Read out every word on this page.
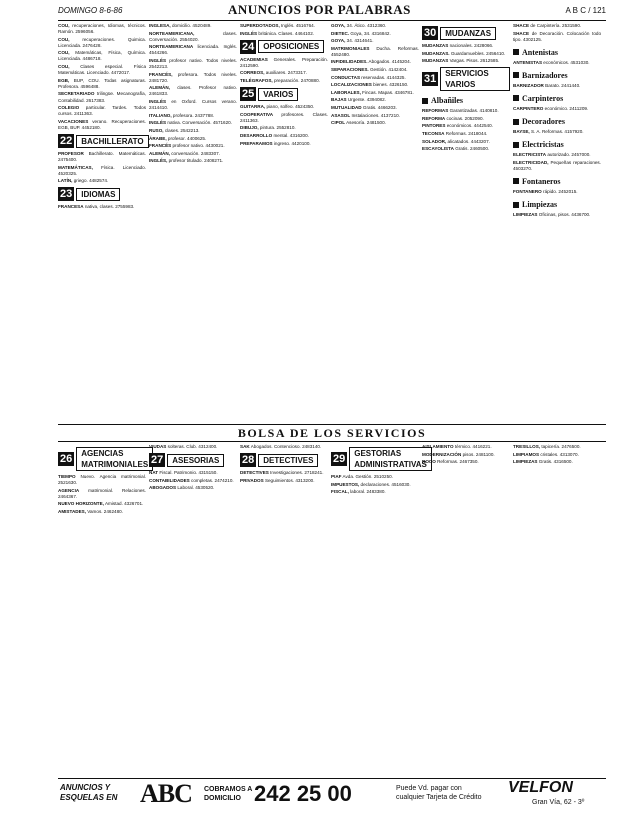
DOMINGO 8-6-86	ANUNCIOS POR PALABRAS	A B C / 121

COU, recuperaciones, Idiomas, técnicos. Ramón. 2596056.

COU,	recuperaciones. Quimica. Licenciada. 2476428.

COU, Matemáticas, Física, Química. Licenciada. 4486718.

COU, Clases especial. Física Matemáticas. Licenciado. 4472017.

EGB, BUP, COU. Todas asignaturas. Profesora. 4596488.

SECRETARIADO trilingüe. Mecanografía, Contabilidad. 2617383.

COLEGIO particular. Tardes. Todos cursos. 2411363.

VACACIONES verano. Recuperaciones. EGB, BUP. 4452180.

22	BACHILLERATO

PROFESOR Bachillerato. Matemáticas. 2475400.

MATEMÁTICAS, Física. Licenciado. 4520325.

LATÍN, griego. 4482574.

23	IDIOMAS

FRANCESA nativa, clases. 2755983.

INGLESA, domicilio. 4520489.

NORTEAMERICANA,	clases. Conversación. 2554020.

NORTEAMERICANA licenciada. Inglés. 4544266.

INGLÉS profesor nativo. Todos niveles. 2542213.

FRANCÉS, profesora. Todos niveles. 2481720.

ALEMÁN, clases. Profesor nativo. 2461833.

INGLÉS en Oxford. Cursos verano. 2414410.

ITALIANO, profesora. 2437788.

INGLÉS nativa. Conversación. 4571620.

RUSO, clases. 2542213.

ÁRABE, profesor. 4400625.

FRANCÉS profesor nativo. 4430021.

ALEMÁN, conversación. 2483307.

INGLÉS, profesor titulado. 2408271.

SUPERDOTADOS, Inglés. 4516764.

INGLÉS británica. Clases. 4464102.

24	OPOSICIONES

ACADEMIAS Generales. Preparación. 2412590.

CORREOS, auxiliares. 2473317.

TELÉGRAFOS, preparación. 2470880.

25	VARIOS

GUITARRA, piano, solfeo. 4524350.

COOPERATIVA profesores. Clases. 2411363.

DIBUJO, pintura. 2552810.

DESARROLLO mental. 4316200.

PREPARAMOS ingreso. 4420100.

GOYA, 34. Ático. 4312360.

DIETEC. Goya, 34. 4316842.

GOYA, 34. 4314641.

MATRIMONIALES Ducha. Reformas. 4552480.

INFIDELIDADES. Abogados. 4145204.

SEPARACIONES. Gestión. 4142404.

CONDUCTAS reservadas. 4144325.

LOCALIZACIONES bienes. 4326150.

LABORALES, Fincas. Mapas. 4346781.

BAJAS Urgente. 4394082.

MUTUALIDAD Gratis. 4466203.

ASASOL Instalaciones. 4137210.

CIPOL Asesoría. 2481500.

30	MUDANZAS

MUDANZAS nacionales. 2428066.

MUDANZAS. Guardamuebles. 2456410.

MUDANZAS Vargas. Pisos. 2612585.

31	SERVICIOS VARIOS
Albañiles

REFORMAS Garantizadas. 4140810.

REFORMA cocinas. 2052090.

PINTORES económicos. 4442540.

TECONSA Reformas. 2418044.

SOLADOR, alicatados. 4443207.

ESCAYOLISTA Gratis. 2460500.

SHACE de Carpintería. 2531590.

SHACE de Decoración. Colocación todo tipo. 4302125.

Antenistas

ANTENISTAS económicos. 4531030.

Barnizadores

BARNIZADOR Barato. 2441440.

Carpinteros

CARPINTERO económico. 2411209.

Decoradores

BAYSE, S. A. Reformas. 4157920.

Electricistas

ELECTRICISTA autorizado. 2457000.

ELECTRICIDAD, Pequeñas reparaciones. 4503270.

Fontaneros

FONTANERO rápido. 2452015.

Limpiezas

LIMPIEZAS Oficinas, pisos. 4436700.

BOLSA DE LOS SERVICIOS
26	AGENCIAS MATRIMONIALES

TIEMPO Nuevo. Agencia matrimonial. 2521630.

AGENCIA matrimonial. Relaciones. 2464367.

NUEVO HORIZONTE, Amistad. 4326701.

AMISTADES, Vamos. 2462480.

VIUDAS solteras. Club. 4312400.

27	ASESORIAS

NAT Fiscal. Patrimonio. 4315150.

CONTABILIDADES completas. 2474210.

ABOGADOS Laboral. 4530520.

SAK Abogados. Contencioso. 2483140.

28	DETECTIVES

DETECTIVES Investigaciones. 2718241.

PRIVADOS Seguimientos. 4313200.

29	GESTORIAS ADMINISTRATIVAS

PIAF Avda. Gestión. 2510250.

IMPUESTOS, declaraciones. 4516030.

FISCAL, laboral. 2483380.

AISLAMIENTO térmico. 4416221.

MODERNIZACIÓN pisos. 2481100.

ROCO Reformas. 2467350.

TRESILLOS, tapicería. 2476500.

LIMPIAMOS cristales. 4313070.

LIMPIEZAS Gratis. 4316500.

ANUNCIOS Y
ESQUELAS EN ABC COBRAMOS A
DOMICILIO 242 25 00	Puede Vd. pagar con
cualquier Tarjeta de Crédito
VELFON
Gran Vía, 62 - 3º
